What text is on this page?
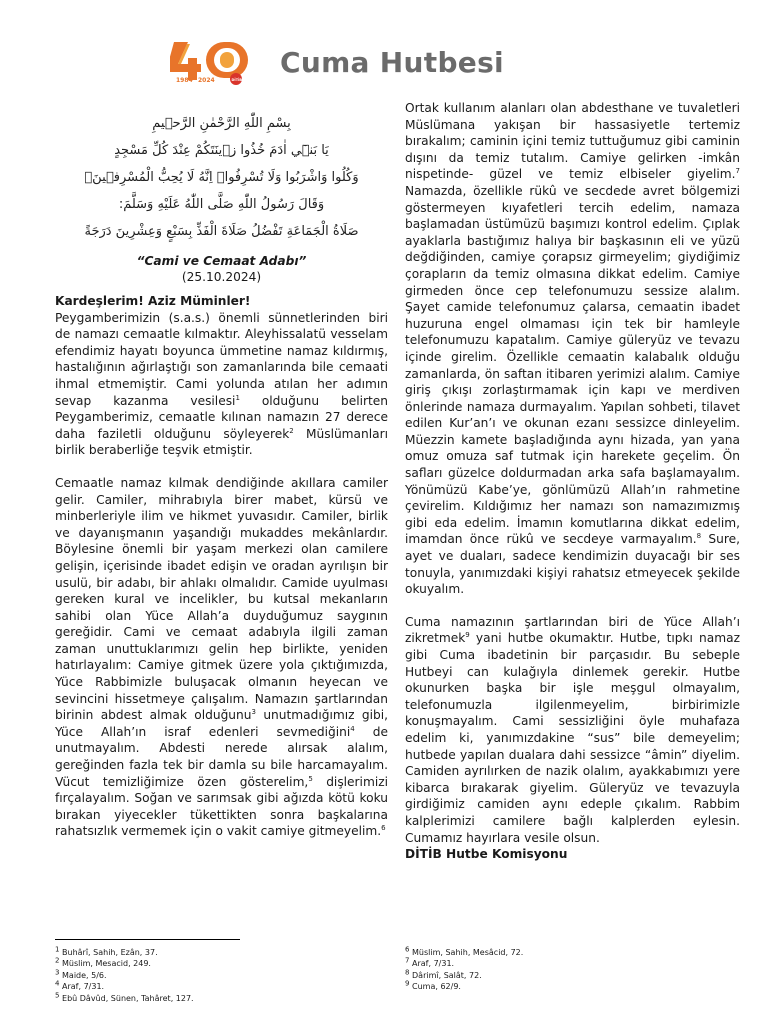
1984 2024	DİTİB
Cuma Hutbesi
بِسْمِ اللّٰهِ الرَّحْمٰنِ الرَّح۪يمِ
يَا بَن۪ٓي اٰدَمَ خُذُوا ز۪ينَتَكُمْ عِنْدَ كُلِّ مَسْجِدٍ
وَكُلُوا وَاشْرَبُوا وَلَا تُسْرِفُواۚ اِنَّهُ لَا يُحِبُّ الْمُسْرِف۪ينَ۟
وَقَالَ رَسُولُ اللّٰهِ صَلَّى اللّٰهُ عَلَيْهِ وَسَلَّمَ:
صَلَاةُ الْجَمَاعَةِ تَفْضُلُ صَلَاةَ الْفَذِّ بِسَبْعٍ وَعِشْرِينَ دَرَجَةً
“Cami ve Cemaat Adabı”
(25.10.2024)
Kardeşlerim! Aziz Müminler!

Peygamberimizin (s.a.s.) önemli sünnetlerinden biri de namazı cemaatle kılmaktır. Aleyhissalatü vesselam efendimiz hayatı boyunca ümmetine namaz kıldırmış, hastalığının ağırlaştığı son zamanlarında bile cemaati ihmal etmemiştir. Cami yolunda atılan her adımın sevap kazanma vesilesi$^1$ olduğunu belirten Peygamberimiz, cemaatle kılınan namazın 27 derece daha faziletli olduğunu söyleyerek$^2$ Müslümanları birlik beraberliğe teşvik etmiştir.

Cemaatle namaz kılmak dendiğinde akıllara camiler gelir. Camiler, mihrabıyla birer mabet, kürsü ve minberleriyle ilim ve hikmet yuvasıdır. Camiler, birlik ve dayanışmanın yaşandığı mukaddes mekânlardır. Böylesine önemli bir yaşam merkezi olan camilere gelişin, içerisinde ibadet edişin ve oradan ayrılışın bir usulü, bir adabı, bir ahlakı olmalıdır. Camide uyulması gereken kural ve incelikler, bu kutsal mekanların sahibi olan Yüce Allah’a duyduğumuz saygının gereğidir. Cami ve cemaat adabıyla ilgili zaman zaman unuttuklarımızı gelin hep birlikte, yeniden hatırlayalım: Camiye gitmek üzere yola çıktığımızda, Yüce Rabbimizle buluşacak olmanın heyecan ve sevincini hissetmeye çalışalım. Namazın şartlarından birinin abdest almak olduğunu$^3$ unutmadığımız gibi, Yüce Allah’ın israf edenleri sevmediğini$^4$ de unutmayalım. Abdesti nerede alırsak alalım, gereğinden fazla tek bir damla su bile harcamayalım. Vücut temizliğimize özen gösterelim,$^5$ dişlerimizi fırçalayalım. Soğan ve sarımsak gibi ağızda kötü koku bırakan yiyecekler tükettikten sonra başkalarına rahatsızlık vermemek için o vakit camiye gitmeyelim.$^6$

Ortak kullanım alanları olan abdesthane ve tuvaletleri Müslümana yakışan bir hassasiyetle tertemiz bırakalım; caminin içini temiz tuttuğumuz gibi caminin dışını da temiz tutalım. Camiye gelirken -imkân nispetinde- güzel ve temiz elbiseler giyelim.$^7$ Namazda, özellikle rükû ve secdede avret bölgemizi göstermeyen kıyafetleri tercih edelim, namaza başlamadan üstümüzü başımızı kontrol edelim. Çıplak ayaklarla bastığımız halıya bir başkasının eli ve yüzü değdiğinden, camiye çorapsız girmeyelim; giydiğimiz çorapların da temiz olmasına dikkat edelim. Camiye girmeden önce cep telefonumuzu sessize alalım. Şayet camide telefonumuz çalarsa, cemaatin ibadet huzuruna engel olmaması için tek bir hamleyle telefonumuzu kapatalım. Camiye güleryüz ve tevazu içinde girelim. Özellikle cemaatin kalabalık olduğu zamanlarda, ön saftan itibaren yerimizi alalım. Camiye giriş çıkışı zorlaştırmamak için kapı ve merdiven önlerinde namaza durmayalım. Yapılan sohbeti, tilavet edilen Kur’an’ı ve okunan ezanı sessizce dinleyelim. Müezzin kamete başladığında aynı hizada, yan yana omuz omuza saf tutmak için harekete geçelim. Ön safları güzelce doldurmadan arka safa başlamayalım. Yönümüzü Kabe’ye, gönlümüzü Allah’ın rahmetine çevirelim. Kıldığımız her namazı son namazımızmış gibi eda edelim. İmamın komutlarına dikkat edelim, imamdan önce rükû ve secdeye varmayalım.$^8$ Sure, ayet ve duaları, sadece kendimizin duyacağı bir ses tonuyla, yanımızdaki kişiyi rahatsız etmeyecek şekilde okuyalım.

Cuma namazının şartlarından biri de Yüce Allah’ı zikretmek$^9$ yani hutbe okumaktır. Hutbe, tıpkı namaz gibi Cuma ibadetinin bir parçasıdır. Bu sebeple Hutbeyi can kulağıyla dinlemek gerekir. Hutbe okunurken başka bir işle meşgul olmayalım, telefonumuzla ilgilenmeyelim, birbirimizle konuşmayalım. Cami sessizliğini öyle muhafaza edelim ki, yanımızdakine “sus” bile demeyelim; hutbede yapılan dualara dahi sessizce “âmin” diyelim. Camiden ayrılırken de nazik olalım, ayakkabımızı yere kibarca bırakarak giyelim. Güleryüz ve tevazuyla girdiğimiz camiden aynı edeple çıkalım. Rabbim kalplerimizi camilere bağlı kalplerden eylesin. Cumamız hayırlara vesile olsun.

DİTİB Hutbe Komisyonu
$^1$ Buhârî, Sahih, Ezân, 37.
$^2$ Müslim, Mesacid, 249.
$^3$ Maide, 5/6.
$^4$ Araf, 7/31.
$^5$ Ebû Dâvûd, Sünen, Tahâret, 127.
$^6$ Müslim, Sahih, Mesâcid, 72.
$^7$ Araf, 7/31.
$^8$ Dârimî, Salât, 72.
$^9$ Cuma, 62/9.
